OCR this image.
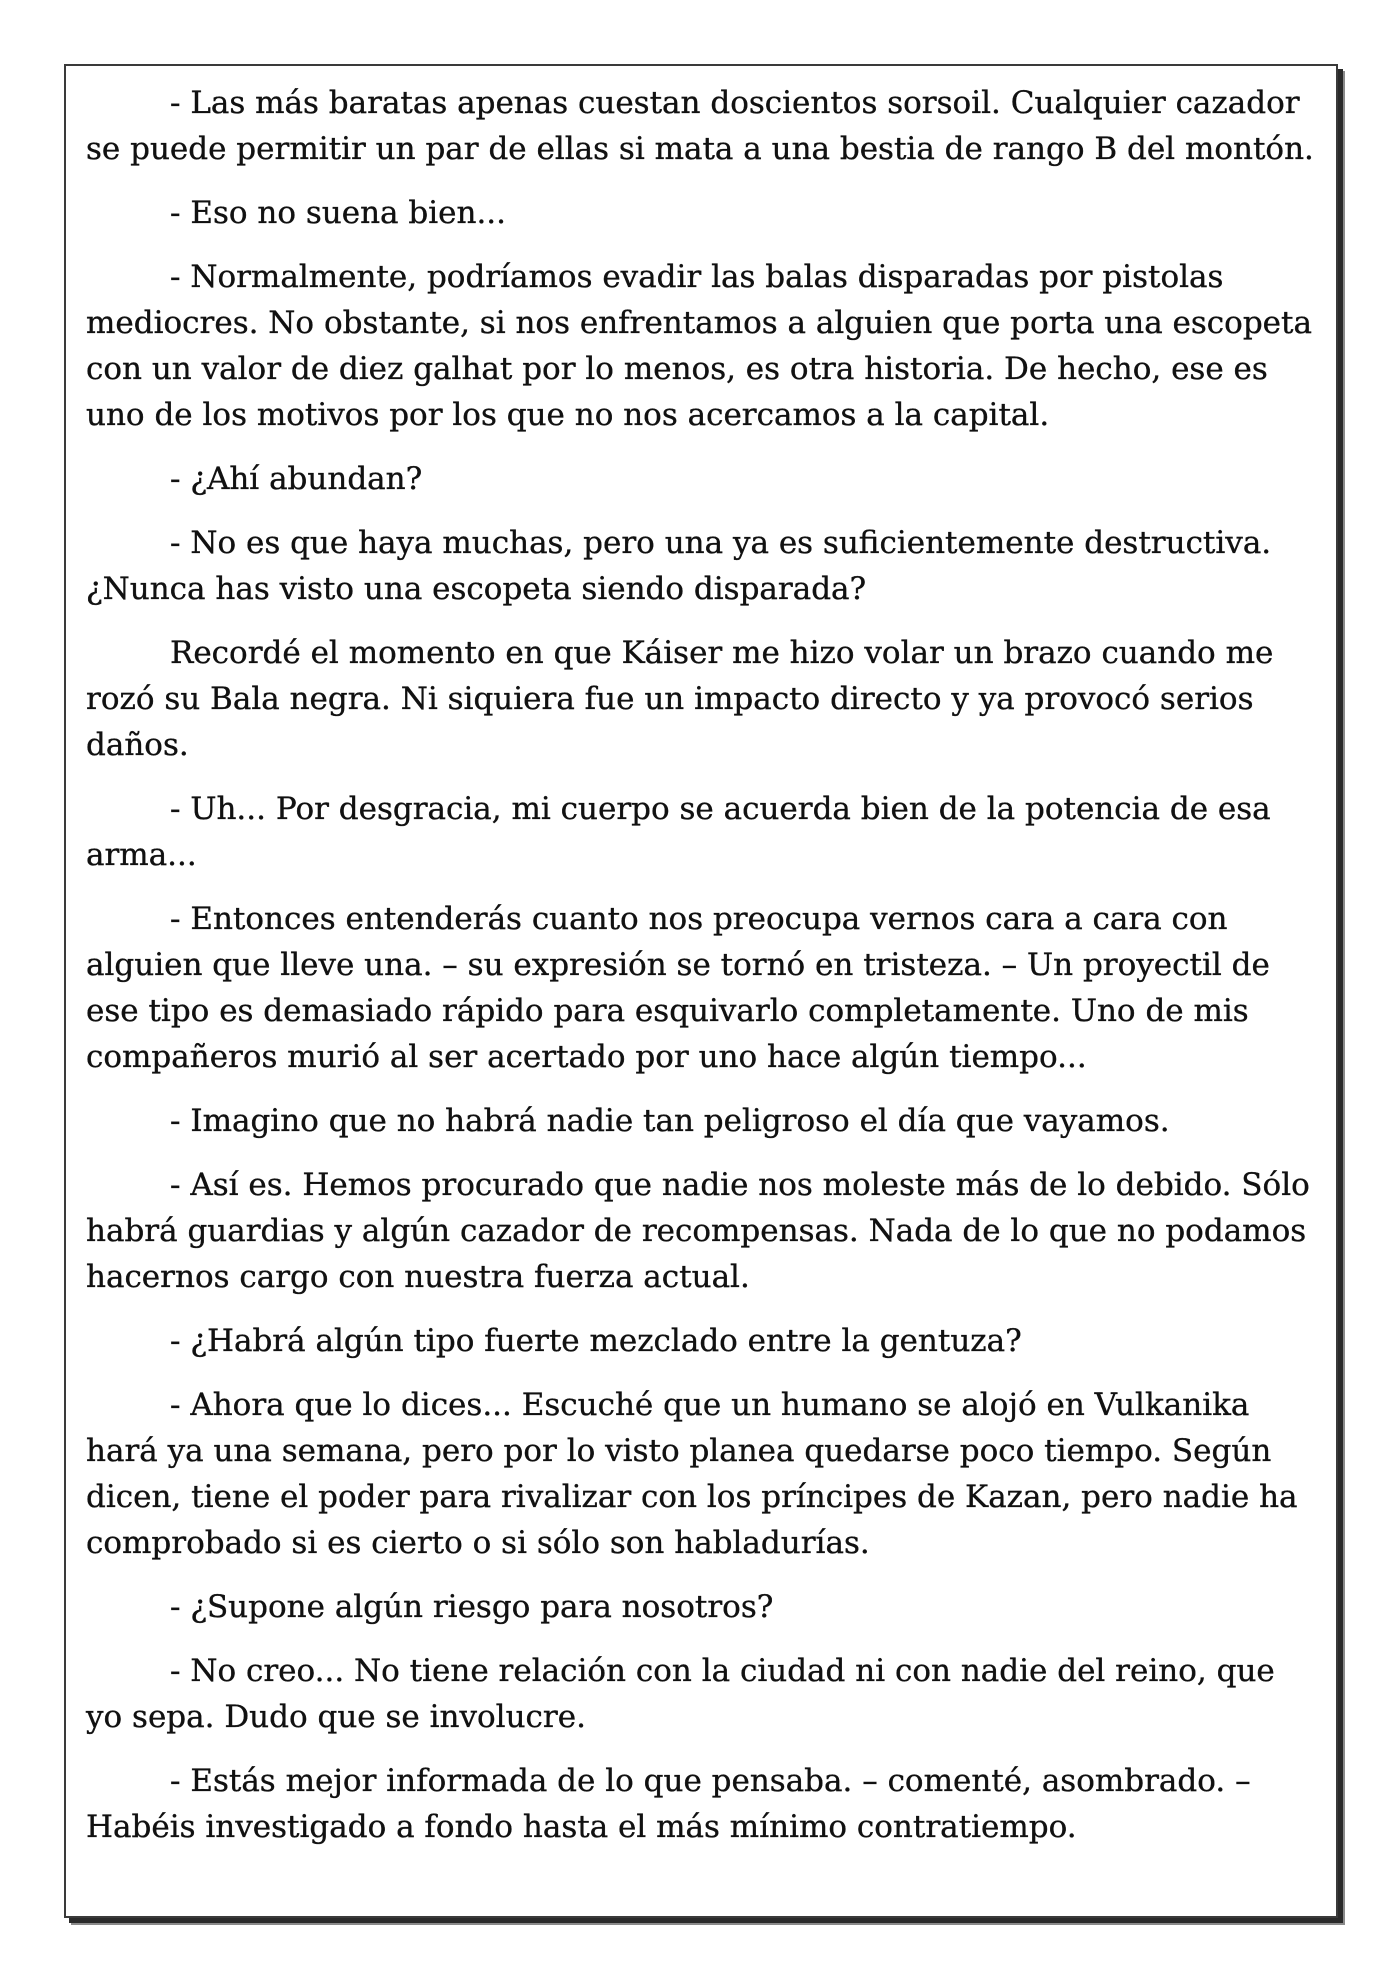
- Las más baratas apenas cuestan doscientos sorsoil. Cualquier cazador se puede permitir un par de ellas si mata a una bestia de rango B del montón.

- Eso no suena bien...

- Normalmente, podríamos evadir las balas disparadas por pistolas mediocres. No obstante, si nos enfrentamos a alguien que porta una escopeta con un valor de diez galhat por lo menos, es otra historia. De hecho, ese es uno de los motivos por los que no nos acercamos a la capital.

- ¿Ahí abundan?

- No es que haya muchas, pero una ya es suficientemente destructiva. ¿Nunca has visto una escopeta siendo disparada?

Recordé el momento en que Káiser me hizo volar un brazo cuando me rozó su Bala negra. Ni siquiera fue un impacto directo y ya provocó serios daños.

- Uh... Por desgracia, mi cuerpo se acuerda bien de la potencia de esa arma...

- Entonces entenderás cuanto nos preocupa vernos cara a cara con alguien que lleve una. – su expresión se tornó en tristeza. – Un proyectil de ese tipo es demasiado rápido para esquivarlo completamente. Uno de mis compañeros murió al ser acertado por uno hace algún tiempo...

- Imagino que no habrá nadie tan peligroso el día que vayamos.

- Así es. Hemos procurado que nadie nos moleste más de lo debido. Sólo habrá guardias y algún cazador de recompensas. Nada de lo que no podamos hacernos cargo con nuestra fuerza actual.

- ¿Habrá algún tipo fuerte mezclado entre la gentuza?

- Ahora que lo dices... Escuché que un humano se alojó en Vulkanika hará ya una semana, pero por lo visto planea quedarse poco tiempo. Según dicen, tiene el poder para rivalizar con los príncipes de Kazan, pero nadie ha comprobado si es cierto o si sólo son habladurías.

- ¿Supone algún riesgo para nosotros?

- No creo... No tiene relación con la ciudad ni con nadie del reino, que yo sepa. Dudo que se involucre.

- Estás mejor informada de lo que pensaba. – comenté, asombrado. – Habéis investigado a fondo hasta el más mínimo contratiempo.
